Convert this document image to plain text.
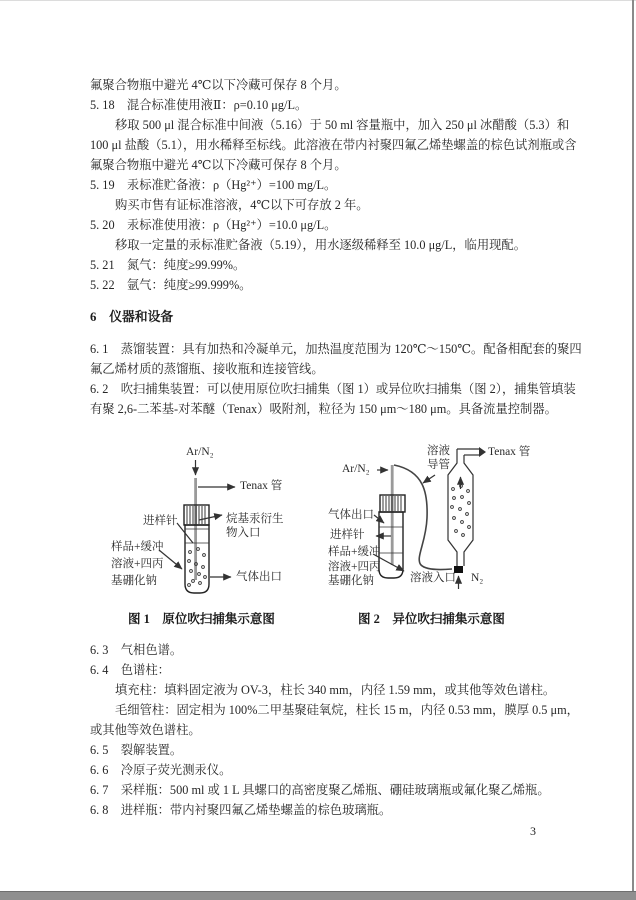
氟聚合物瓶中避光 4℃以下冷藏可保存 8 个月。
5. 18　混合标准使用液Ⅱ：ρ=0.10 μg/L。
移取 500 μl 混合标准中间液（5.16）于 50 ml 容量瓶中，加入 250 μl 冰醋酸（5.3）和
100 μl 盐酸（5.1），用水稀释至标线。此溶液在带内衬聚四氟乙烯垫螺盖的棕色试剂瓶或含
氟聚合物瓶中避光 4℃以下冷藏可保存 8 个月。
5. 19　汞标准贮备液：ρ（Hg²⁺）=100 mg/L。
购买市售有证标准溶液，4℃以下可存放 2 年。
5. 20　汞标准使用液：ρ（Hg²⁺）=10.0 μg/L。
移取一定量的汞标准贮备液（5.19），用水逐级稀释至 10.0 μg/L，临用现配。
5. 21　氮气：纯度≥99.99%。
5. 22　氩气：纯度≥99.999%。
6　仪器和设备
6. 1　蒸馏装置：具有加热和冷凝单元，加热温度范围为 120℃～150℃。配备相配套的聚四
氟乙烯材质的蒸馏瓶、接收瓶和连接管线。
6. 2　吹扫捕集装置：可以使用原位吹扫捕集（图 1）或异位吹扫捕集（图 2），捕集管填装
有聚 2,6-二苯基-对苯醚（Tenax）吸附剂，粒径为 150 μm～180 μm。具备流量控制器。
Ar/N₂
Tenax 管
进样针	烷基汞衍生
物入口
样品+缓冲
溶液+四丙
基硼化钠	气体出口
图 1　原位吹扫捕集示意图
Ar/N₂
溶液
导管
Tenax 管
气体出口
进样针
样品+缓冲
溶液+四丙
基硼化钠	溶液入口 N₂
图 2　异位吹扫捕集示意图
6. 3　气相色谱。
6. 4　色谱柱：
填充柱：填料固定液为 OV-3，柱长 340 mm，内径 1.59 mm，或其他等效色谱柱。
毛细管柱：固定相为 100%二甲基聚硅氧烷，柱长 15 m，内径 0.53 mm，膜厚 0.5 μm，
或其他等效色谱柱。
6. 5　裂解装置。
6. 6　冷原子荧光测汞仪。
6. 7　采样瓶：500 ml 或 1 L 具螺口的高密度聚乙烯瓶、硼硅玻璃瓶或氟化聚乙烯瓶。
6. 8　进样瓶：带内衬聚四氟乙烯垫螺盖的棕色玻璃瓶。
3
